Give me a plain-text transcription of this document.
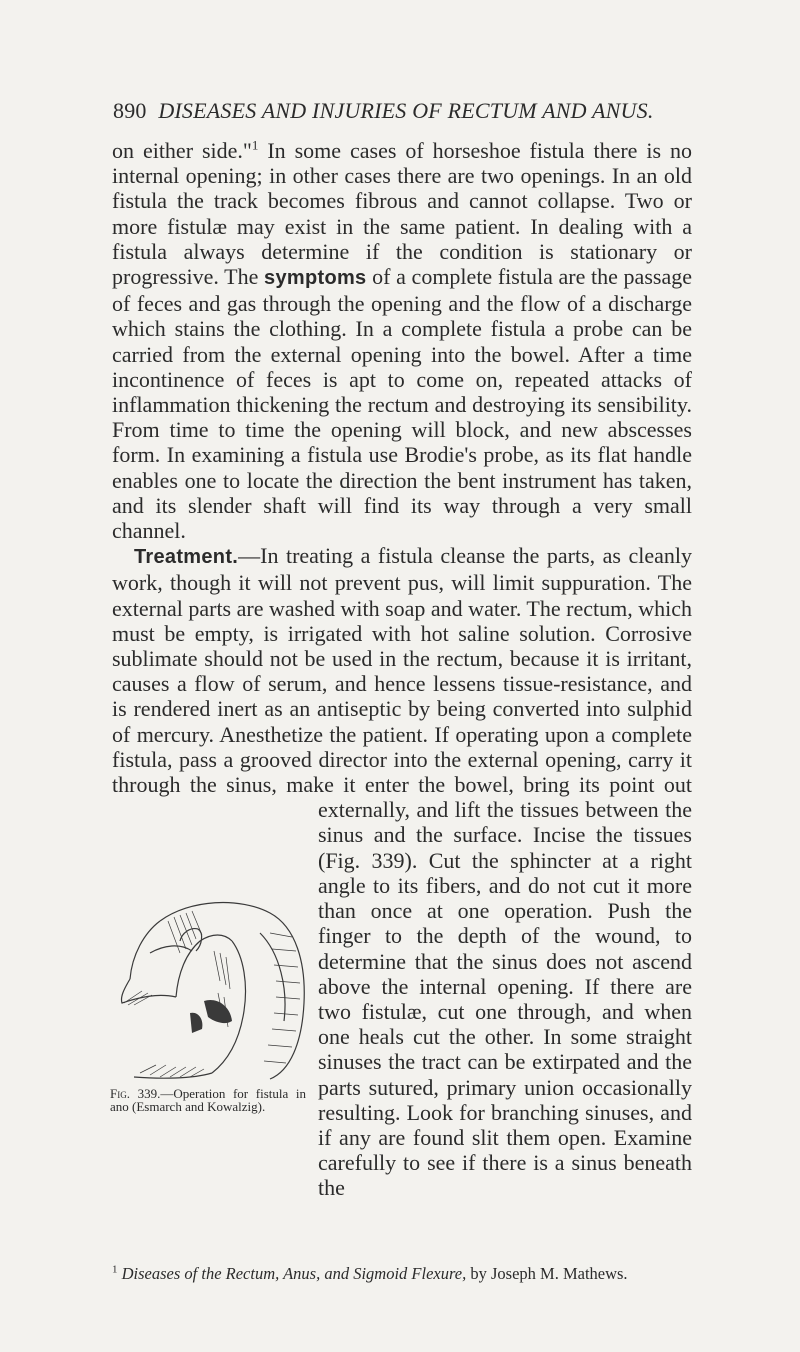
890 DISEASES AND INJURIES OF RECTUM AND ANUS.

on either side."$^1$ In some cases of horseshoe fistula there is no internal opening; in other cases there are two openings. In an old fistula the track becomes fibrous and cannot collapse. Two or more fistulæ may exist in the same patient. In dealing with a fistula always determine if the condition is stationary or progressive. The symptoms of a complete fistula are the passage of feces and gas through the opening and the flow of a discharge which stains the clothing. In a complete fistula a probe can be carried from the external opening into the bowel. After a time incontinence of feces is apt to come on, repeated attacks of inflammation thickening the rectum and destroying its sensibility. From time to time the opening will block, and new abscesses form. In examining a fistula use Brodie's probe, as its flat handle enables one to locate the direction the bent instrument has taken, and its slender shaft will find its way through a very small channel.

 Treatment.—In treating a fistula cleanse the parts, as cleanly work, though it will not prevent pus, will limit suppuration. The external parts are washed with soap and water. The rectum, which must be empty, is irrigated with hot saline solution. Corrosive sublimate should not be used in the rectum, because it is irritant, causes a flow of serum, and hence lessens tissue-resistance, and is rendered inert as an antiseptic by being converted into sulphid of mercury. Anesthetize the patient. If operating upon a complete fistula, pass a grooved director into the external opening, carry it through the sinus, make it enter the bowel, bring its point
Fig. 339.—Operation for fistula in ano (Esmarch and Kowalzig).
out externally, and lift the tissues between the sinus and the surface. Incise the tissues (Fig. 339). Cut the sphincter at a right angle to its fibers, and do not cut it more than once at one operation. Push the finger to the depth of the wound, to determine that the sinus does not ascend above the internal opening. If there are two fistulæ, cut one through, and when one heals cut the other. In some straight sinuses the tract can be extirpated and the parts sutured, primary union occasionally resulting. Look for branching sinuses, and if any are found slit them open. Examine carefully to see if there is a sinus beneath the

$^1$ Diseases of the Rectum, Anus, and Sigmoid Flexure, by Joseph M. Mathews.
